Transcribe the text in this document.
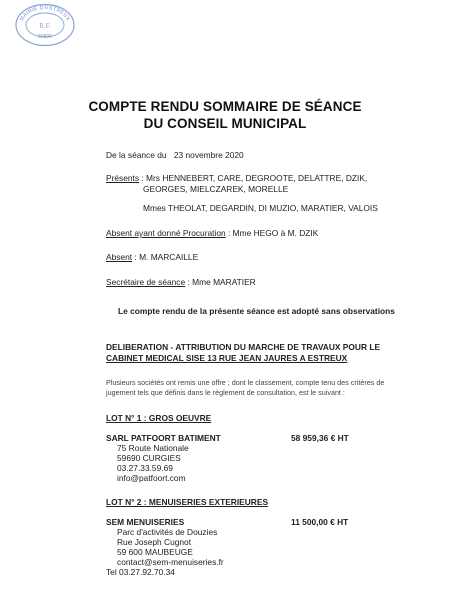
MAIRIE D'ESTREUX
59990
R.F.
COMPTE RENDU SOMMAIRE DE SÉANCE
DU CONSEIL MUNICIPAL
De la séance du 23 novembre 2020
Présents : Mrs HENNEBERT, CARE, DEGROOTE, DELATTRE, DZIK,
GEORGES, MIELCZAREK, MORELLE
Mmes THEOLAT, DEGARDIN, DI MUZIO, MARATIER, VALOIS
Absent ayant donné Procuration : Mme HEGO à M. DZIK
Absent : M. MARCAILLE
Secrétaire de séance : Mme MARATIER
Le compte rendu de la présente séance est adopté sans observations
DELIBERATION - ATTRIBUTION DU MARCHE DE TRAVAUX POUR LE
CABINET MEDICAL SISE 13 RUE JEAN JAURES A ESTREUX
Plusieurs sociétés ont remis une offre ; dont le classement, compte tenu des critères de
jugement tels que définis dans le règlement de consultation, est le suivant :
LOT N° 1 : GROS OEUVRE
SARL PATFOORT BATIMENT	58 959,36 € HT
75 Route Nationale
59690 CURGIES
03.27.33.59.69
info@patfoort.com
LOT N° 2 : MENUISERIES EXTERIEURES
SEM MENUISERIES	11 500,00 € HT
Parc d'activités de Douzies
Rue Joseph Cugnot
59 600 MAUBEUGE
contact@sem-menuiseries.fr
Tel 03.27.92.70.34
